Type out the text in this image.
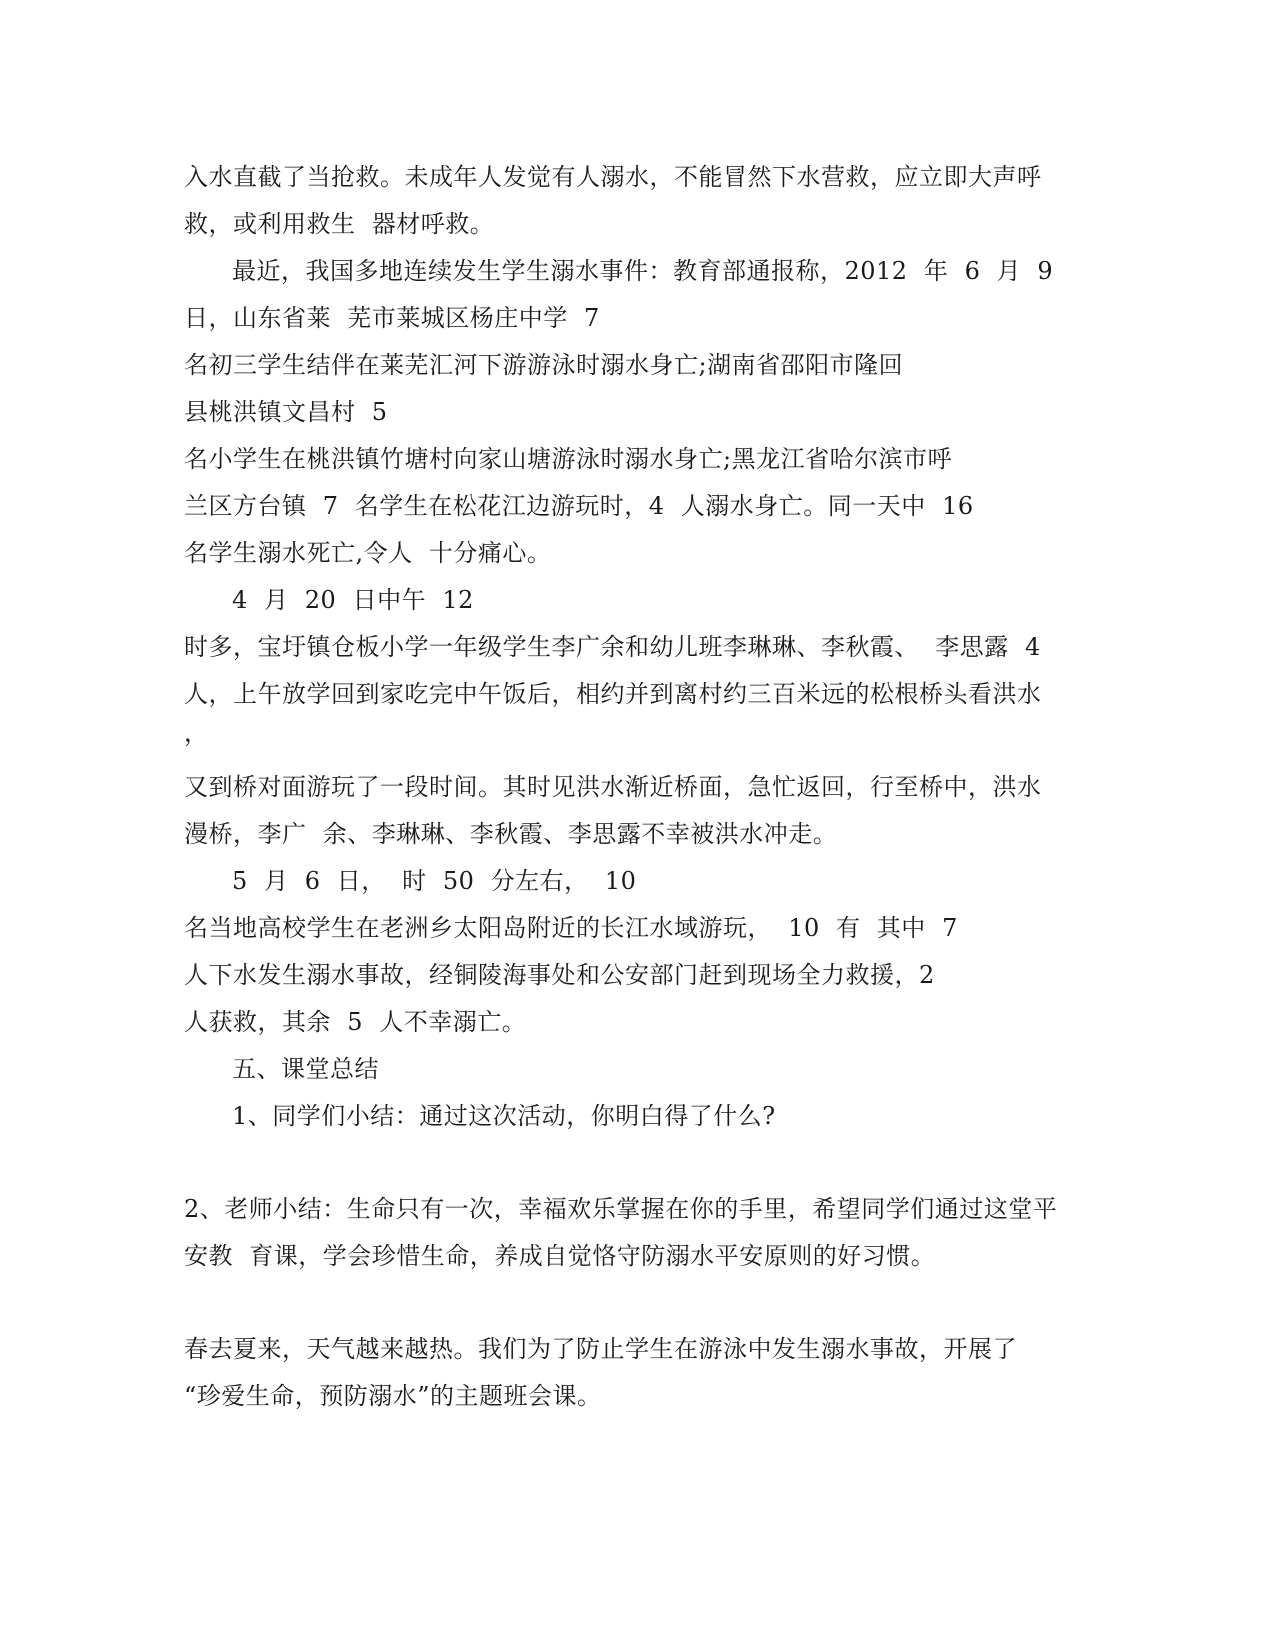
入水直截了当抢救。未成年人发觉有人溺水，不能冒然下水营救，应立即大声呼
救，或利用救生  器材呼救。
最近，我国多地连续发生学生溺水事件：教育部通报称，2012  年  6  月  9
日，山东省莱  芜市莱城区杨庄中学  7
名初三学生结伴在莱芜汇河下游游泳时溺水身亡;湖南省邵阳市隆回
县桃洪镇文昌村  5
名小学生在桃洪镇竹塘村向家山塘游泳时溺水身亡;黑龙江省哈尔滨市呼
兰区方台镇  7  名学生在松花江边游玩时，4  人溺水身亡。同一天中  16
名学生溺水死亡,令人  十分痛心。
4  月  20  日中午  12
时多，宝圩镇仓板小学一年级学生李广余和幼儿班李琳琳、李秋霞、  李思露  4
人，上午放学回到家吃完中午饭后，相约并到离村约三百米远的松根桥头看洪水
，
又到桥对面游玩了一段时间。其时见洪水渐近桥面，急忙返回，行至桥中，洪水
漫桥，李广  余、李琳琳、李秋霞、李思露不幸被洪水冲走。
5  月  6  日，  时  50  分左右，  10
名当地高校学生在老洲乡太阳岛附近的长江水域游玩，  10  有  其中  7
人下水发生溺水事故，经铜陵海事处和公安部门赶到现场全力救援，2
人获救，其余  5  人不幸溺亡。
五、课堂总结
1、同学们小结：通过这次活动，你明白得了什么?
2、老师小结：生命只有一次，幸福欢乐掌握在你的手里，希望同学们通过这堂平
安教  育课，学会珍惜生命，养成自觉恪守防溺水平安原则的好习惯。
春去夏来，天气越来越热。我们为了防止学生在游泳中发生溺水事故，开展了
“珍爱生命，预防溺水”的主题班会课。
